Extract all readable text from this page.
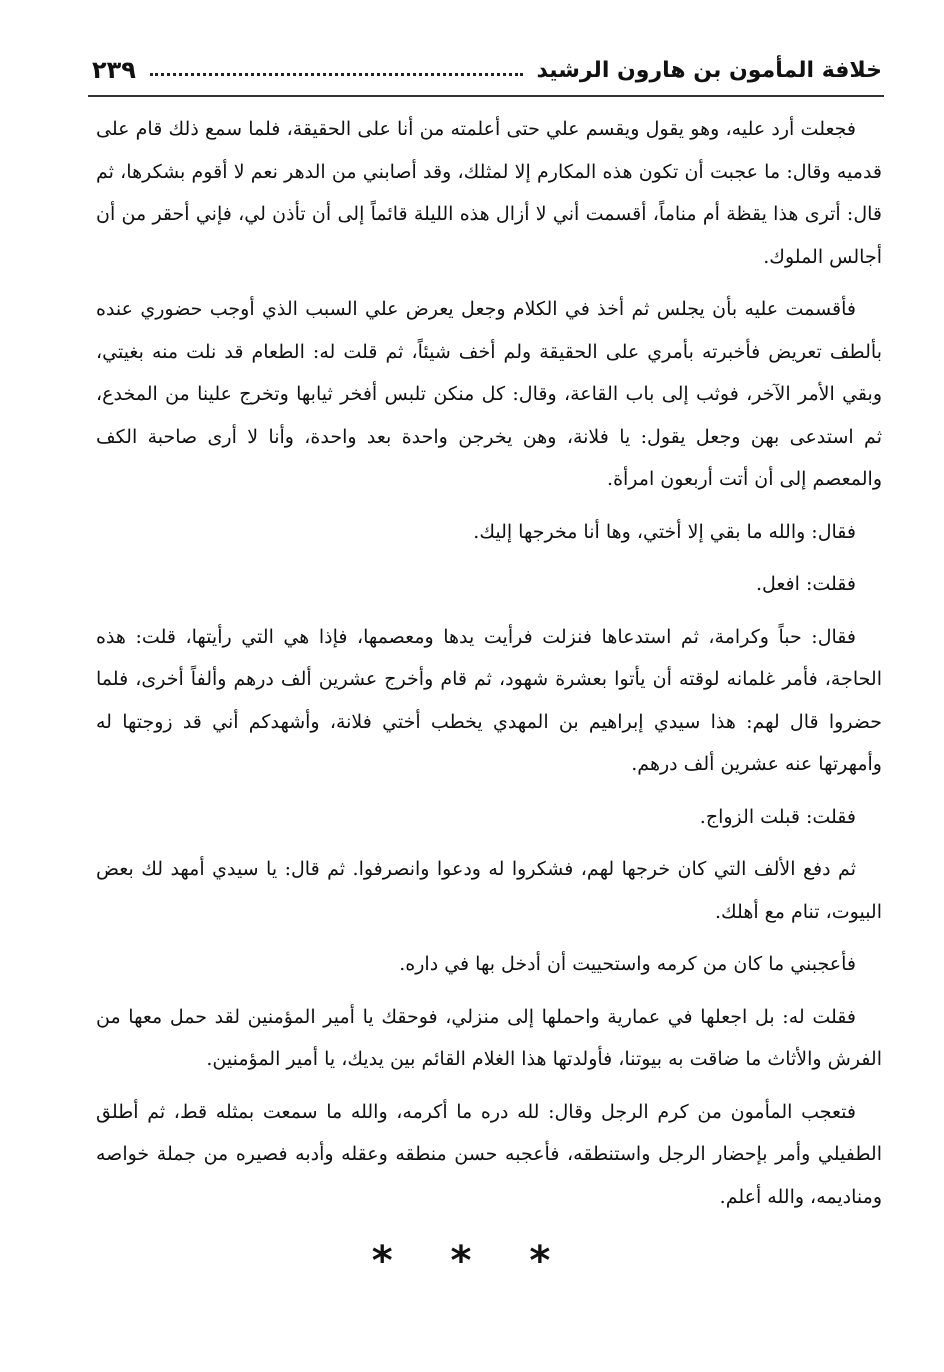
خلافة المأمون بن هارون الرشيد
٢٣٩

فجعلت أرد عليه، وهو يقول ويقسم علي حتى أعلمته من أنا على الحقيقة، فلما سمع ذلك قام على قدميه وقال: ما عجبت أن تكون هذه المكارم إلا لمثلك، وقد أصابني من الدهر نعم لا أقوم بشكرها، ثم قال: أترى هذا يقظة أم مناماً، أقسمت أني لا أزال هذه الليلة قائماً إلى أن تأذن لي، فإني أحقر من أن أجالس الملوك.

فأقسمت عليه بأن يجلس ثم أخذ في الكلام وجعل يعرض علي السبب الذي أوجب حضوري عنده بألطف تعريض فأخبرته بأمري على الحقيقة ولم أخف شيئاً، ثم قلت له: الطعام قد نلت منه بغيتي، وبقي الأمر الآخر، فوثب إلى باب القاعة، وقال: كل منكن تلبس أفخر ثيابها وتخرج علينا من المخدع، ثم استدعى بهن وجعل يقول: يا فلانة، وهن يخرجن واحدة بعد واحدة، وأنا لا أرى صاحبة الكف والمعصم إلى أن أتت أربعون امرأة.

فقال: والله ما بقي إلا أختي، وها أنا مخرجها إليك.

فقلت: افعل.

فقال: حباً وكرامة، ثم استدعاها فنزلت فرأيت يدها ومعصمها، فإذا هي التي رأيتها، قلت: هذه الحاجة، فأمر غلمانه لوقته أن يأتوا بعشرة شهود، ثم قام وأخرج عشرين ألف درهم وألفاً أخرى، فلما حضروا قال لهم: هذا سيدي إبراهيم بن المهدي يخطب أختي فلانة، وأشهدكم أني قد زوجتها له وأمهرتها عنه عشرين ألف درهم.

فقلت: قبلت الزواج.

ثم دفع الألف التي كان خرجها لهم، فشكروا له ودعوا وانصرفوا. ثم قال: يا سيدي أمهد لك بعض البيوت، تنام مع أهلك.

فأعجبني ما كان من كرمه واستحييت أن أدخل بها في داره.

فقلت له: بل اجعلها في عمارية واحملها إلى منزلي، فوحقك يا أمير المؤمنين لقد حمل معها من الفرش والأثاث ما ضاقت به بيوتنا، فأولدتها هذا الغلام القائم بين يديك، يا أمير المؤمنين.

فتعجب المأمون من كرم الرجل وقال: لله دره ما أكرمه، والله ما سمعت بمثله قط، ثم أطلق الطفيلي وأمر بإحضار الرجل واستنطقه، فأعجبه حسن منطقه وعقله وأدبه فصيره من جملة خواصه ومناديمه، والله أعلم.

* * *
